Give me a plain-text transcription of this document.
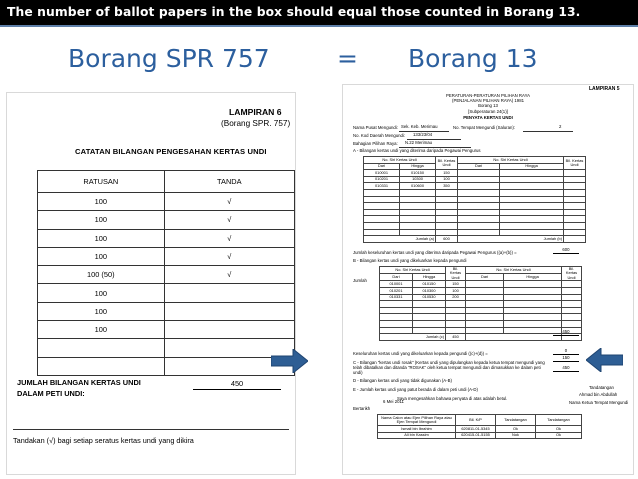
The number of ballot papers in the box should equal those counted in Borang 13.
Borang SPR 757	= Borang 13
LAMPIRAN 6
(Borang SPR. 757)
CATATAN BILANGAN PENGESAHAN KERTAS UNDI
RATUSAN	TANDA
100	√
100	√
100	√
100	√
100 (50)	√
100	
100	
100	

JUMLAH BILANGAN KERTAS UNDI
DALAM PETI UNDI:
450
Tandakan (√) bagi setiap seratus kertas undi yang dikira
LAMPIRAN 5
PERATURAN-PERATURAN PILIHAN RAYA
(PENJALANAN PILIHAN RAYA) 1981
Borang 13
[Subperaturan 24(1)]
PENYATA KERTAS UNDI
Nama Pusat Mengundi: Sek. Keb. Merimau	No. Tempat Mengundi (Saluran):	2
No. Kod Daerah Mengundi: 133/23/04
Bahagian Pilihan Raya: N.22 Merimau
A - Bilangan kertas undi yang diterima daripada Pegawai Pengurus
No. Siri Kertas Undi		Bil. Kertas Undi	No. Siri Kertas Undi		Bil. Kertas Undi
Dari	Hingga		Dari	Hingga	
010001	010150	150			
010201	10300	100			
010331	010600	350			

Jumlah (a)		600	Jumlah (b)		
Jumlah keseluruhan kertas undi yang diterima daripada Pegawai Pengurus ((a)+(b)) =
600
B - Bilangan kertas undi yang dikeluarkan kepada pengundi
Jumlah
No. Siri Kertas Undi		Bil. Kertas Undi	No. Siri Kertas Undi		Bil. Kertas Undi
Dari	Hingga		Dari	Hingga	
010001	010150	150			
010201	010300	100			
010331	010530	200			

Jumlah (c)		450			
Keseluruhan kertas undi yang dikeluarkan kepada pengundi ((c)+(d)) =
450
C - Bilangan "kertas undi rosak" (Kertas undi yang dipulangkan kepada ketua tempat mengundi yang telah dibatalkan dan ditanda "ROSAK" oleh ketua tempat mengundi dan dimasukkan ke dalam peti undi)
0
D - Bilangan kertas undi yang tidak digunakan (A-B)
150
E - Jumlah kertas undi yang patut berada di dalam peti undi (A-D)
450
Saya mengesahkan bahawa penyata di atas adalah betul.
Tandatangan
Ahmad bin Abdullah
Nama Ketua Tempat Mengundi
6 Mei 2011
Bertarikh
Nama Calon atau Ejen Pilihan Raya atau Ejen Tempat Mengundi	Bil. K/P	Tandatangan	Tandatangan
Ismail bin Ibrahim	620811-01-5345	Ok	Ok
Ali bin Kassim	620415-01-5155	Nok	Ok
